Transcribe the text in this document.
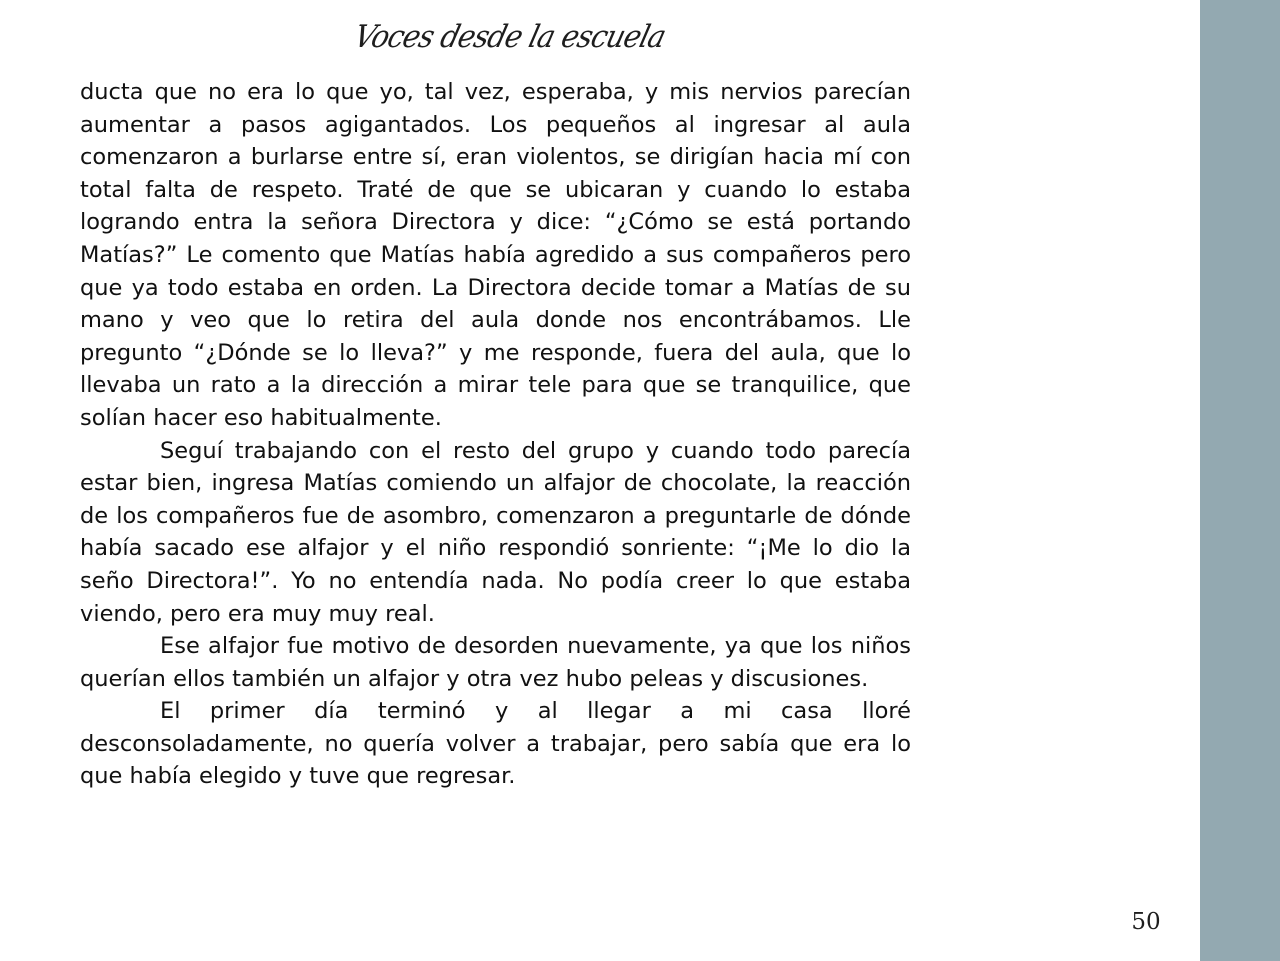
Voces desde la escuela

ducta que no era lo que yo, tal vez, esperaba, y mis nervios parecían aumentar a pasos agigantados. Los pequeños al ingresar al aula comenzaron a burlarse entre sí, eran violentos, se dirigían hacia mí con total falta de respeto. Traté de que se ubicaran y cuando lo estaba logrando entra la señora Directora y dice: “¿Cómo se está portando Matías?” Le comento que Matías había agredido a sus compañeros pero que ya todo estaba en orden. La Directora decide tomar a Matías de su mano y veo que lo retira del aula donde nos encontrábamos. Lle pregunto “¿Dónde se lo lleva?” y me responde, fuera del aula, que lo llevaba un rato a la dirección a mirar tele para que se tranquilice, que solían hacer eso habitualmente.

Seguí trabajando con el resto del grupo y cuando todo parecía estar bien, ingresa Matías comiendo un alfajor de chocolate, la reacción de los compañeros fue de asombro, comenzaron a preguntarle de dónde había sacado ese alfajor y el niño respondió sonriente: “¡Me lo dio la seño Directora!”. Yo no entendía nada. No podía creer lo que estaba viendo, pero era muy muy real.

Ese alfajor fue motivo de desorden nuevamente, ya que los niños querían ellos también un alfajor y otra vez hubo peleas y discusiones.

El primer día terminó y al llegar a mi casa lloré desconsoladamente, no quería volver a trabajar, pero sabía que era lo que había elegido y tuve que regresar.

50
